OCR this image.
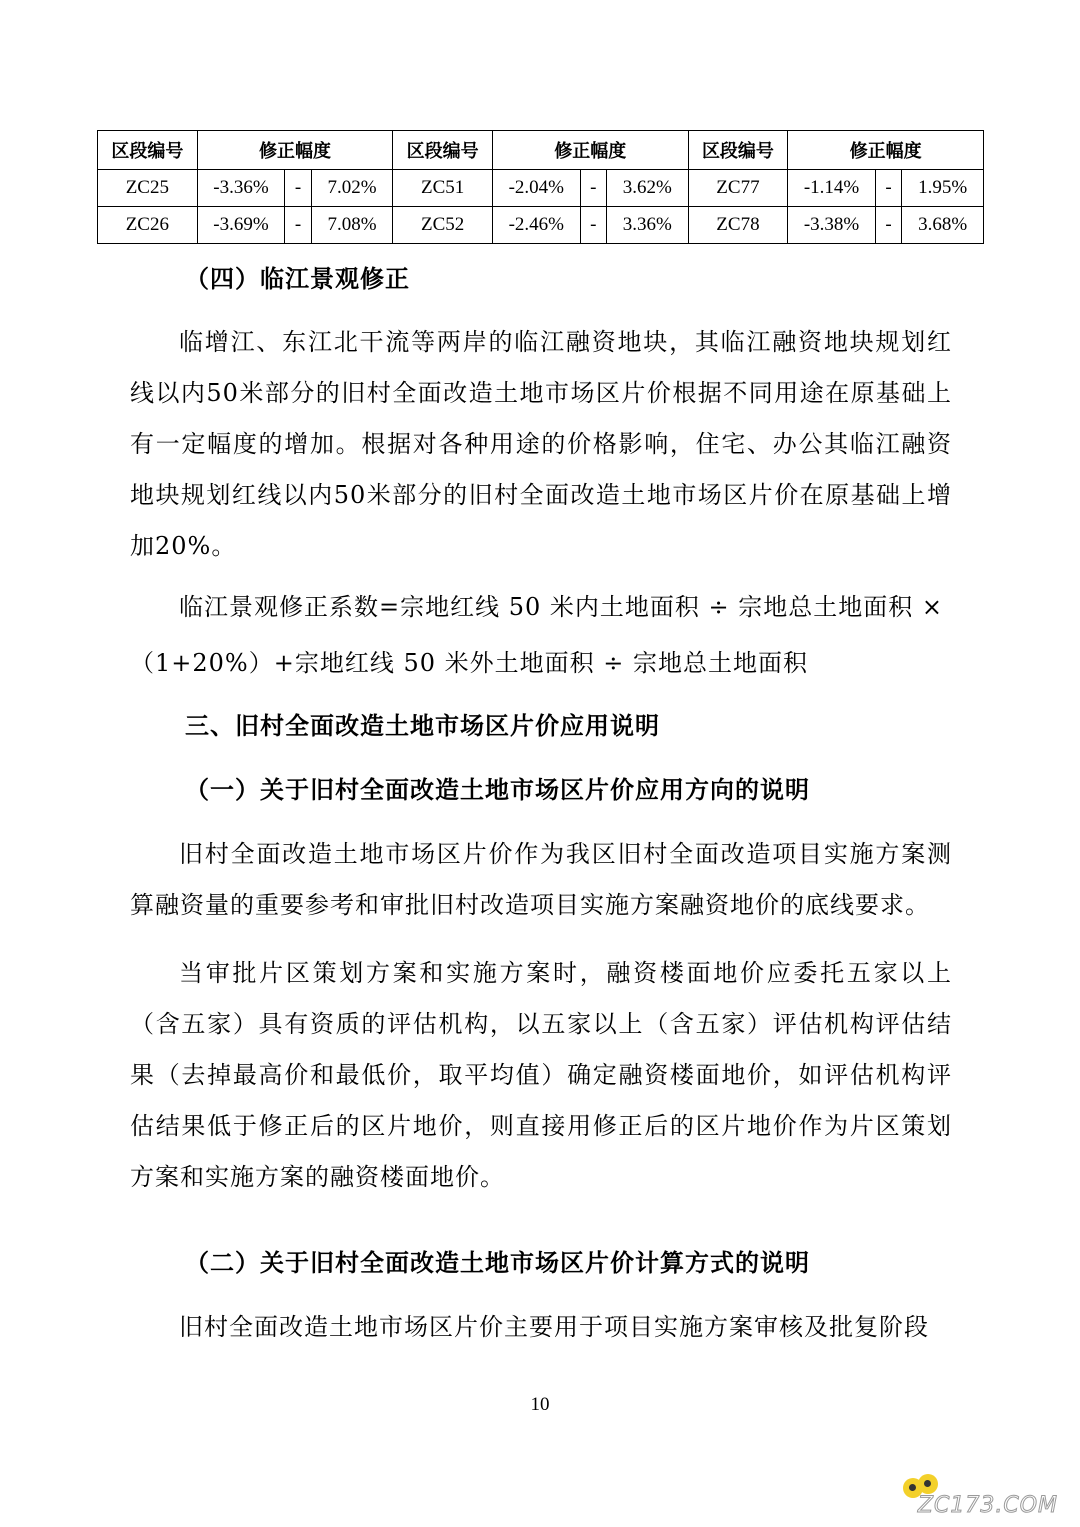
区段编号	修正幅度			区段编号	修正幅度			区段编号	修正幅度		
ZC25	-3.36%	-	7.02%	ZC51	-2.04%	-	3.62%	ZC77	-1.14%	-	1.95%
ZC26	-3.69%	-	7.08%	ZC52	-2.46%	-	3.36%	ZC78	-3.38%	-	3.68%
（四）临江景观修正

临增江、东江北干流等两岸的临江融资地块，其临江融资地块规划红线以内50米部分的旧村全面改造土地市场区片价根据不同用途在原基础上有一定幅度的增加。根据对各种用途的价格影响，住宅、办公其临江融资地块规划红线以内50米部分的旧村全面改造土地市场区片价在原基础上增加20%。

临江景观修正系数=宗地红线 50 米内土地面积 ÷ 宗地总土地面积 ×
（1+20%）+宗地红线 50 米外土地面积 ÷ 宗地总土地面积
三、旧村全面改造土地市场区片价应用说明
（一）关于旧村全面改造土地市场区片价应用方向的说明

旧村全面改造土地市场区片价作为我区旧村全面改造项目实施方案测算融资量的重要参考和审批旧村改造项目实施方案融资地价的底线要求。

当审批片区策划方案和实施方案时，融资楼面地价应委托五家以上（含五家）具有资质的评估机构，以五家以上（含五家）评估机构评估结果（去掉最高价和最低价，取平均值）确定融资楼面地价，如评估机构评估结果低于修正后的区片地价，则直接用修正后的区片地价作为片区策划方案和实施方案的融资楼面地价。

（二）关于旧村全面改造土地市场区片价计算方式的说明

旧村全面改造土地市场区片价主要用于项目实施方案审核及批复阶段

10
ZC173.COM
